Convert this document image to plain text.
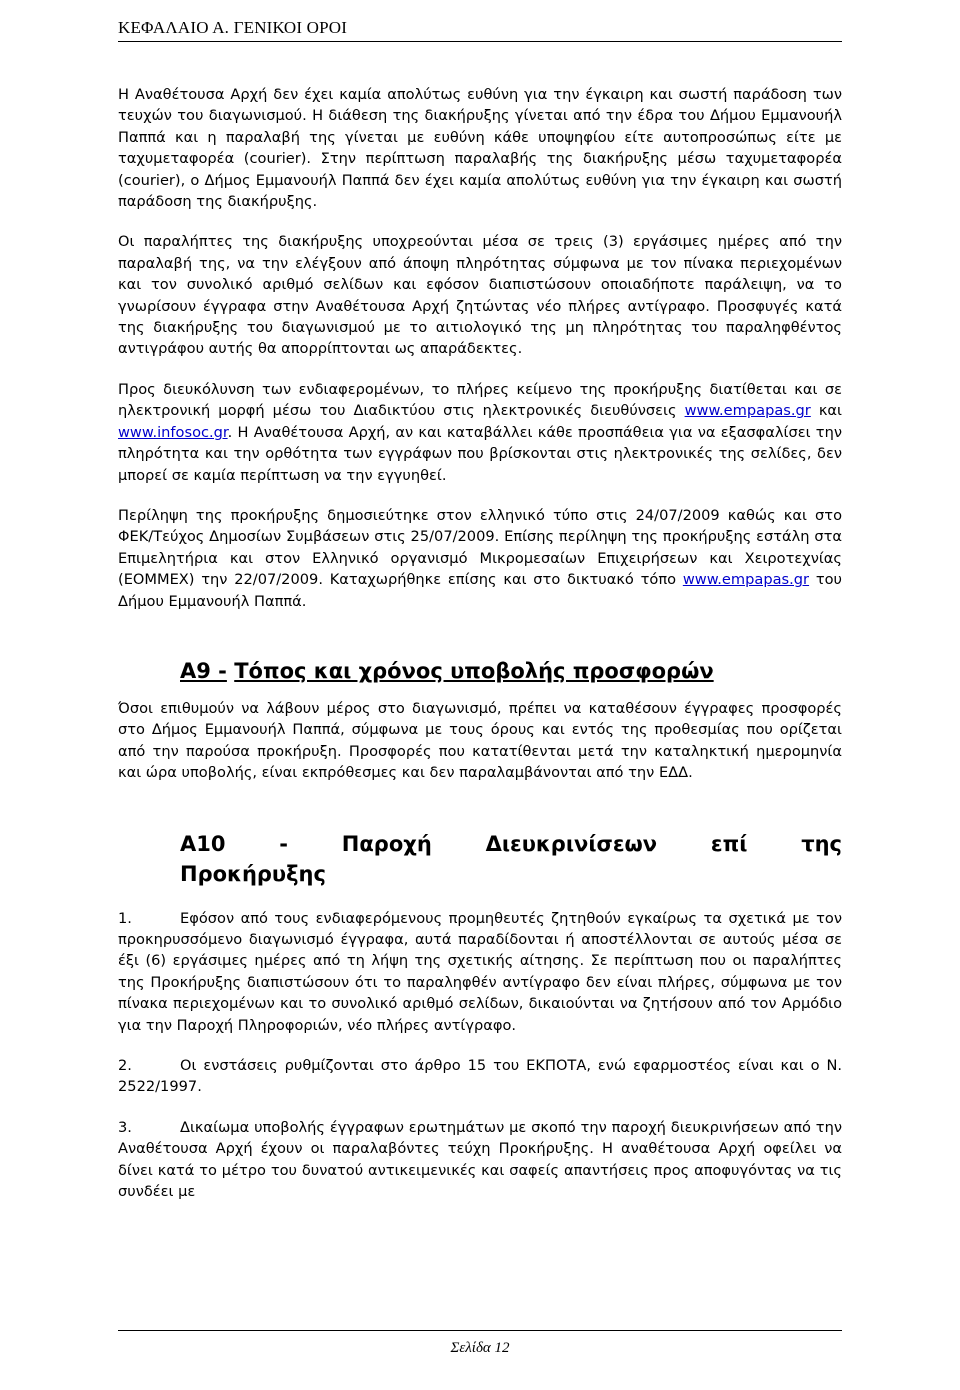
ΚΕΦΑΛΑΙΟ Α. ΓΕΝΙΚΟΙ ΟΡΟΙ

Η Αναθέτουσα Αρχή δεν έχει καμία απολύτως ευθύνη για την έγκαιρη και σωστή παράδοση των τευχών του διαγωνισμού. Η διάθεση της διακήρυξης γίνεται από την έδρα του Δήμου Εμμανουήλ Παππά και η παραλαβή της γίνεται με ευθύνη κάθε υποψηφίου είτε αυτοπροσώπως είτε με ταχυμεταφορέα (courier). Στην περίπτωση παραλαβής της διακήρυξης μέσω ταχυμεταφορέα (courier), ο Δήμος Εμμανουήλ Παππά δεν έχει καμία απολύτως ευθύνη για την έγκαιρη και σωστή παράδοση της διακήρυξης.

Οι παραλήπτες της διακήρυξης υποχρεούνται μέσα σε τρεις (3) εργάσιμες ημέρες από την παραλαβή της, να την ελέγξουν από άποψη πληρότητας σύμφωνα με τον πίνακα περιεχομένων και τον συνολικό αριθμό σελίδων και εφόσον διαπιστώσουν οποιαδήποτε παράλειψη, να το γνωρίσουν έγγραφα στην Αναθέτουσα Αρχή ζητώντας νέο πλήρες αντίγραφο. Προσφυγές κατά της διακήρυξης του διαγωνισμού με το αιτιολογικό της μη πληρότητας του παραληφθέντος αντιγράφου αυτής θα απορρίπτονται ως απαράδεκτες.

Προς διευκόλυνση των ενδιαφερομένων, το πλήρες κείμενο της προκήρυξης διατίθεται και σε ηλεκτρονική μορφή μέσω του Διαδικτύου στις ηλεκτρονικές διευθύνσεις www.empapas.gr και www.infosoc.gr. Η Αναθέτουσα Αρχή, αν και καταβάλλει κάθε προσπάθεια για να εξασφαλίσει την πληρότητα και την ορθότητα των εγγράφων που βρίσκονται στις ηλεκτρονικές της σελίδες, δεν μπορεί σε καμία περίπτωση να την εγγυηθεί.

Περίληψη της προκήρυξης δημοσιεύτηκε στον ελληνικό τύπο στις 24/07/2009 καθώς και στο ΦΕΚ/Τεύχος Δημοσίων Συμβάσεων στις 25/07/2009. Επίσης περίληψη της προκήρυξης εστάλη στα Επιμελητήρια και στον Ελληνικό οργανισμό Μικρομεσαίων Επιχειρήσεων και Χειροτεχνίας (ΕΟΜΜΕΧ) την 22/07/2009. Καταχωρήθηκε επίσης και στο δικτυακό τόπο www.empapas.gr του Δήμου Εμμανουήλ Παππά.

Α9 - Τόπος και χρόνος υποβολής προσφορών

Όσοι επιθυμούν να λάβουν μέρος στο διαγωνισμό, πρέπει να καταθέσουν έγγραφες προσφορές στο Δήμος Εμμανουήλ Παππά, σύμφωνα με τους όρους και εντός της προθεσμίας που ορίζεται από την παρούσα προκήρυξη. Προσφορές που κατατίθενται μετά την καταληκτική ημερομηνία και ώρα υποβολής, είναι εκπρόθεσμες και δεν παραλαμβάνονται από την ΕΔΔ.

Α10 - Παροχή Διευκρινίσεων επί της
Προκήρυξης

1.	Εφόσον από τους ενδιαφερόμενους προμηθευτές ζητηθούν εγκαίρως τα σχετικά με τον προκηρυσσόμενο διαγωνισμό έγγραφα, αυτά παραδίδονται ή αποστέλλονται σε αυτούς μέσα σε έξι (6) εργάσιμες ημέρες από τη λήψη της σχετικής αίτησης. Σε περίπτωση που οι παραλήπτες της Προκήρυξης διαπιστώσουν ότι το παραληφθέν αντίγραφο δεν είναι πλήρες, σύμφωνα με τον πίνακα περιεχομένων και το συνολικό αριθμό σελίδων, δικαιούνται να ζητήσουν από τον Αρμόδιο για την Παροχή Πληροφοριών, νέο πλήρες αντίγραφο.

2.	Οι ενστάσεις ρυθμίζονται στο άρθρο 15 του ΕΚΠΟΤΑ, ενώ εφαρμοστέος είναι και ο Ν. 2522/1997.

3.	Δικαίωμα υποβολής έγγραφων ερωτημάτων με σκοπό την παροχή διευκρινήσεων από την Αναθέτουσα Αρχή έχουν οι παραλαβόντες τεύχη Προκήρυξης. Η αναθέτουσα Αρχή οφείλει να δίνει κατά το μέτρο του δυνατού αντικειμενικές και σαφείς απαντήσεις προς αποφυγόντας να τις συνδέει με

Σελίδα 12
